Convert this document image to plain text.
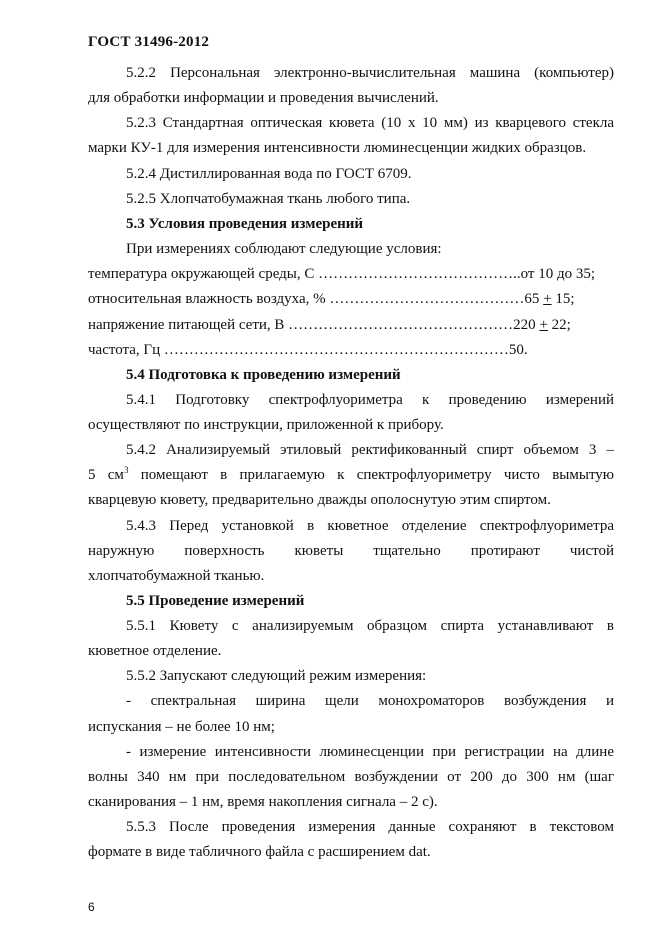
ГОСТ 31496-2012
5.2.2 Персональная электронно-вычислительная машина (компьютер)
для обработки информации и проведения вычислений.
5.2.3 Стандартная оптическая кювета (10 х 10 мм) из кварцевого стекла
марки КУ-1 для измерения интенсивности люминесценции жидких образцов.
5.2.4 Дистиллированная вода по ГОСТ 6709.
5.2.5 Хлопчатобумажная ткань любого типа.
5.3 Условия проведения измерений
При измерениях соблюдают следующие условия:
температура окружающей среды, С …………………………………..от 10 до 35;
относительная влажность воздуха, % …………………………………65 + 15;
напряжение питающей сети, В ………………………………………220 + 22;
частота, Гц ……………………………………………………………50.
5.4 Подготовка к проведению измерений
5.4.1 Подготовку спектрофлуориметра к проведению измерений
осуществляют по инструкции, приложенной к прибору.
5.4.2 Анализируемый этиловый ректификованный спирт объемом 3 –
5 $см^3$ помещают в прилагаемую к спектрофлуориметру чисто вымытую
кварцевую кювету, предварительно дважды ополоснутую этим спиртом.
5.4.3 Перед установкой в кюветное отделение спектрофлуориметра
наружную поверхность кюветы тщательно протирают чистой
хлопчатобумажной тканью.
5.5 Проведение измерений
5.5.1 Кювету с анализируемым образцом спирта устанавливают в
кюветное отделение.
5.5.2 Запускают следующий режим измерения:
- спектральная ширина щели монохроматоров возбуждения и
испускания – не более 10 нм;
- измерение интенсивности люминесценции при регистрации на длине
волны 340 нм при последовательном возбуждении от 200 до 300 нм (шаг
сканирования – 1 нм, время накопления сигнала – 2 с).
5.5.3 После проведения измерения данные сохраняют в текстовом
формате в виде табличного файла с расширением dat.
6
